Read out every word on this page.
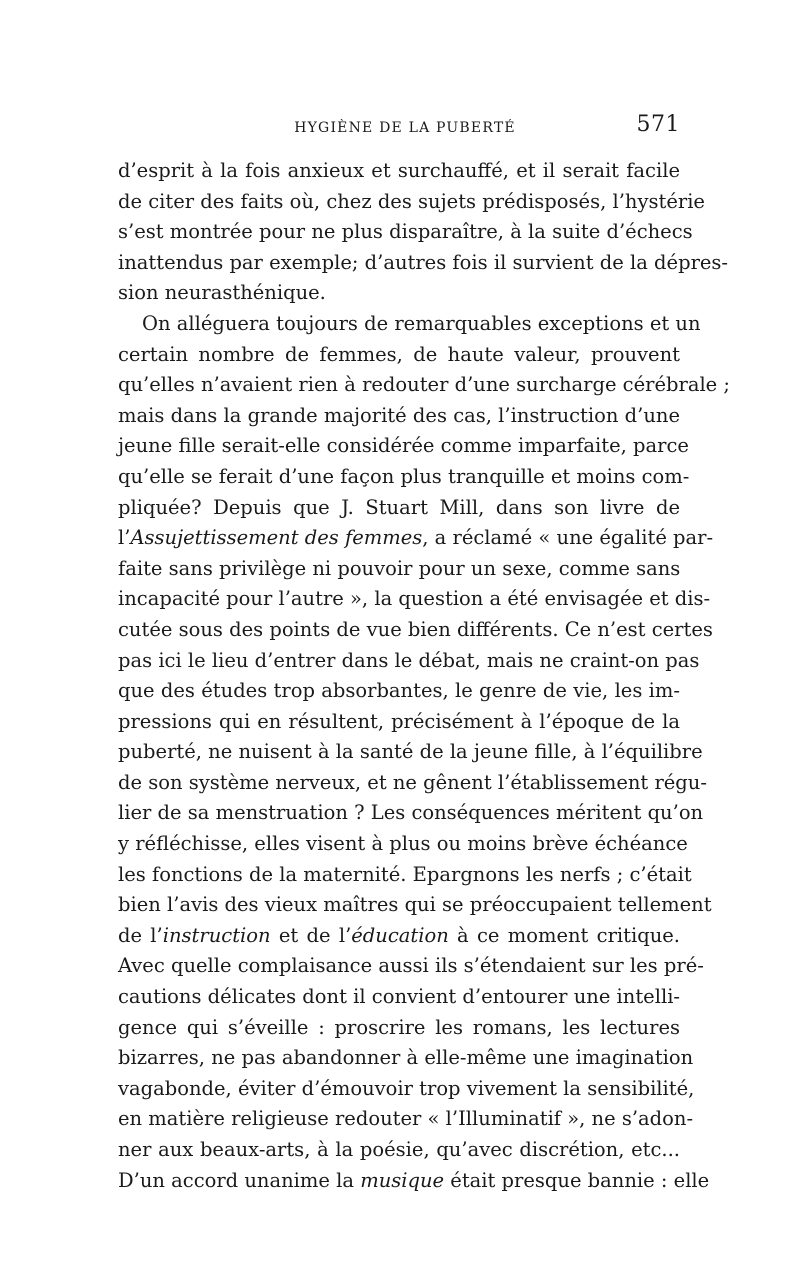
HYGIÈNE DE LA PUBERTÉ	571
d’esprit à la fois anxieux et surchauffé, et il serait facile
de citer des faits où, chez des sujets prédisposés, l’hystérie
s’est montrée pour ne plus disparaître, à la suite d’échecs
inattendus par exemple; d’autres fois il survient de la dépres-
sion neurasthénique.
On alléguera toujours de remarquables exceptions et un
certain nombre de femmes, de haute valeur, prouvent
qu’elles n’avaient rien à redouter d’une surcharge cérébrale ;
mais dans la grande majorité des cas, l’instruction d’une
jeune fille serait-elle considérée comme imparfaite, parce
qu’elle se ferait d’une façon plus tranquille et moins com-
pliquée? Depuis que J. Stuart Mill, dans son livre de
l’Assujettissement des femmes, a réclamé « une égalité par-
faite sans privilège ni pouvoir pour un sexe, comme sans
incapacité pour l’autre », la question a été envisagée et dis-
cutée sous des points de vue bien différents. Ce n’est certes
pas ici le lieu d’entrer dans le débat, mais ne craint-on pas
que des études trop absorbantes, le genre de vie, les im-
pressions qui en résultent, précisément à l’époque de la
puberté, ne nuisent à la santé de la jeune fille, à l’équilibre
de son système nerveux, et ne gênent l’établissement régu-
lier de sa menstruation ? Les conséquences méritent qu’on
y réfléchisse, elles visent à plus ou moins brève échéance
les fonctions de la maternité. Epargnons les nerfs ; c’était
bien l’avis des vieux maîtres qui se préoccupaient tellement
de l’instruction et de l’éducation à ce moment critique.
Avec quelle complaisance aussi ils s’étendaient sur les pré-
cautions délicates dont il convient d’entourer une intelli-
gence qui s’éveille : proscrire les romans, les lectures
bizarres, ne pas abandonner à elle-même une imagination
vagabonde, éviter d’émouvoir trop vivement la sensibilité,
en matière religieuse redouter « l’Illuminatif », ne s’adon-
ner aux beaux-arts, à la poésie, qu’avec discrétion, etc...
D’un accord unanime la musique était presque bannie : elle
